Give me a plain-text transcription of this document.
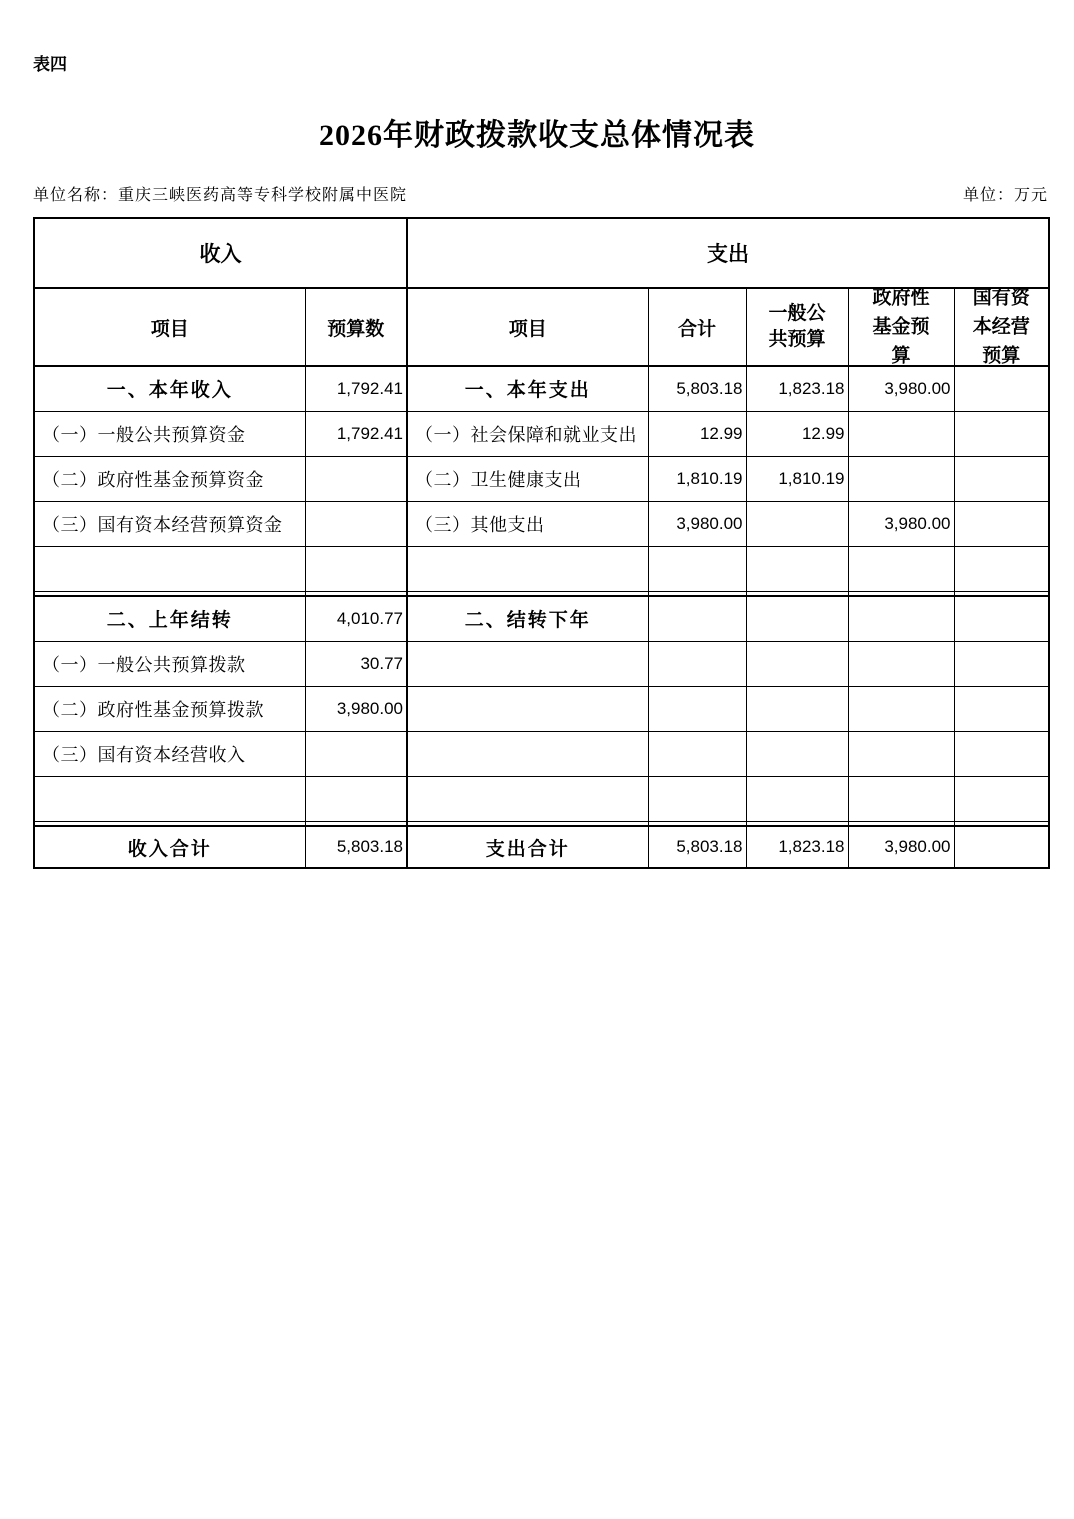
表四
2026年财政拨款收支总体情况表
单位名称：重庆三峡医药高等专科学校附属中医院	单位：万元
收入		支出				
项目	预算数	项目	合计	一般公共预算	政府性基金预算	国有资本经营预算

一、本年收入	1,792.41	一、本年支出	5,803.18	1,823.18	3,980.00	
（一）一般公共预算资金	1,792.41	（一）社会保障和就业支出	12.99	12.99		
（二）政府性基金预算资金		（二）卫生健康支出	1,810.19	1,810.19		
（三）国有资本经营预算资金		（三）其他支出	3,980.00		3,980.00	

二、上年结转	4,010.77	二、结转下年				
（一）一般公共预算拨款	30.77					
（二）政府性基金预算拨款	3,980.00					
（三）国有资本经营收入						

收入合计	5,803.18	支出合计	5,803.18	1,823.18	3,980.00	
